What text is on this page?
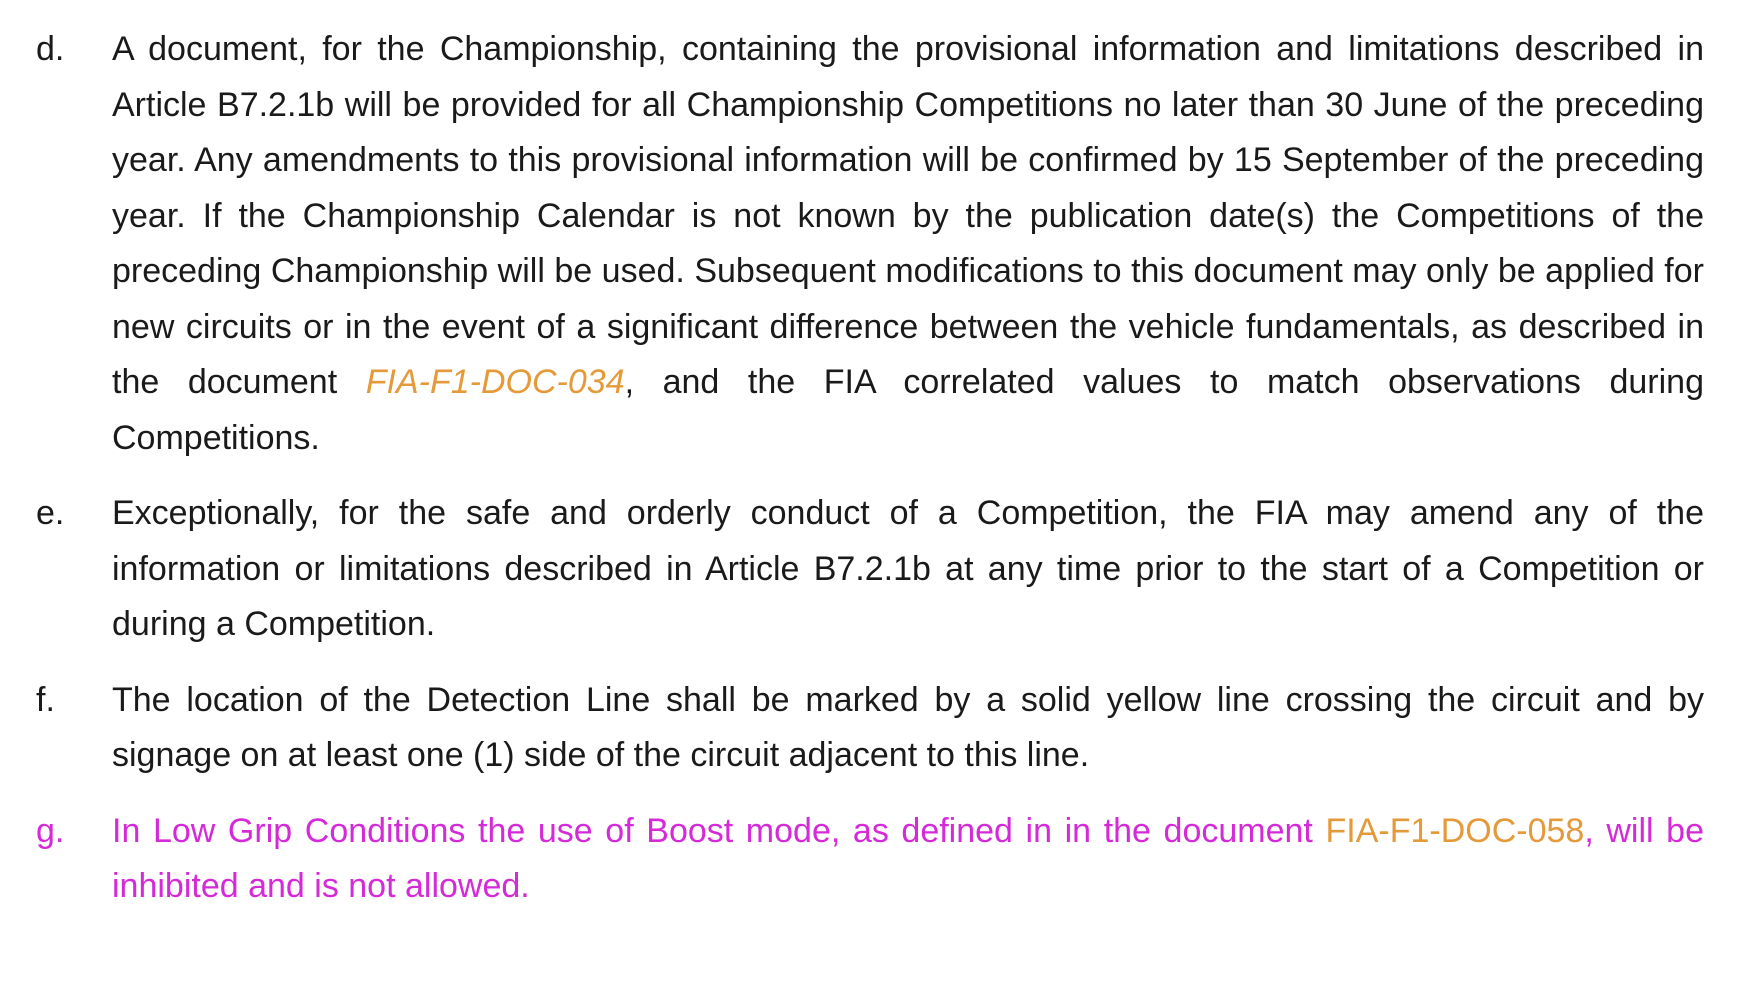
d.	A document, for the Championship, containing the provisional information and limitations described in Article B7.2.1b will be provided for all Championship Competitions no later than 30 June of the preceding year. Any amendments to this provisional information will be confirmed by 15 September of the preceding year. If the Championship Calendar is not known by the publication date(s) the Competitions of the preceding Championship will be used. Subsequent modifications to this document may only be applied for new circuits or in the event of a significant difference between the vehicle fundamentals, as described in the document FIA-F1-DOC-034, and the FIA correlated values to match observations during Competitions.
e.	Exceptionally, for the safe and orderly conduct of a Competition, the FIA may amend any of the information or limitations described in Article B7.2.1b at any time prior to the start of a Competition or during a Competition.
f.	The location of the Detection Line shall be marked by a solid yellow line crossing the circuit and by signage on at least one (1) side of the circuit adjacent to this line.
g.	In Low Grip Conditions the use of Boost mode, as defined in in the document FIA-F1-DOC-058, will be inhibited and is not allowed.
